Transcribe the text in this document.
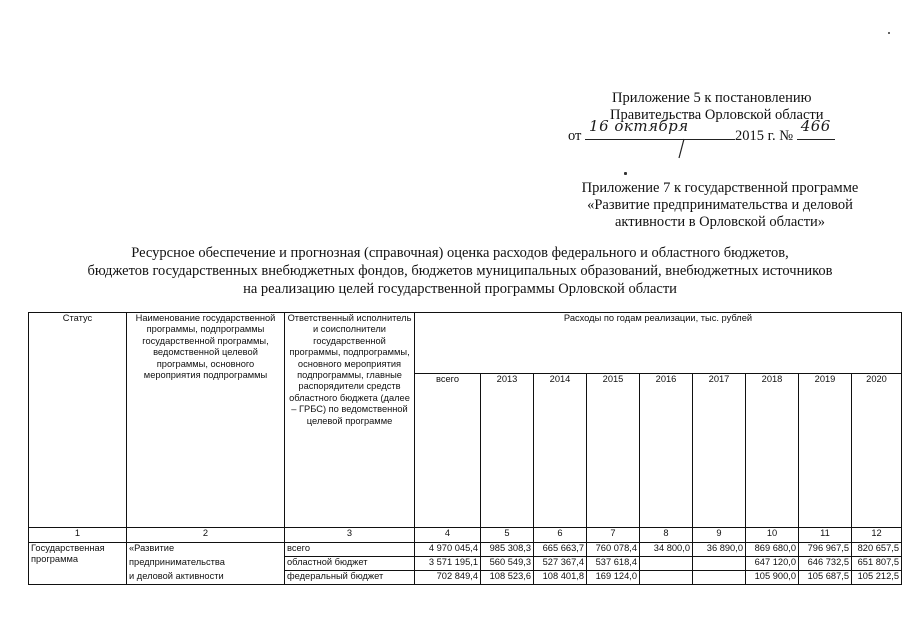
Приложение 5 к постановлению
Правительства Орловской области
от
16 октября
2015 г. №
466
Приложение 7 к государственной программе
«Развитие предпринимательства и деловой
активности в Орловской области»
Ресурсное обеспечение и прогнозная (справочная) оценка расходов федерального и областного бюджетов,
бюджетов государственных внебюджетных фондов, бюджетов муниципальных образований, внебюджетных источников
на реализацию целей государственной программы Орловской области
Статус	Наименование государственной программы, подпрограммы государственной программы, ведомственной целевой программы, основного мероприятия подпрограммы	Ответственный исполнитель и соисполнители государственной программы, подпрограммы, основного мероприятия подпрограммы, главные распорядители средств областного бюджета (далее – ГРБС) по ведомственной целевой программе	Расходы по годам реализации, тыс. рублей								
			всего	2013	2014	2015	2016	2017	2018	2019	2020
1	2	3	4	5	6	7	8	9	10	11	12
Государственная программа	«Развитие	всего	4 970 045,4	985 308,3	665 663,7	760 078,4	34 800,0	36 890,0	869 680,0	796 967,5	820 657,5
	предпринимательства	областной бюджет	3 571 195,1	560 549,3	527 367,4	537 618,4			647 120,0	646 732,5	651 807,5
	и деловой активности	федеральный бюджет	702 849,4	108 523,6	108 401,8	169 124,0			105 900,0	105 687,5	105 212,5
